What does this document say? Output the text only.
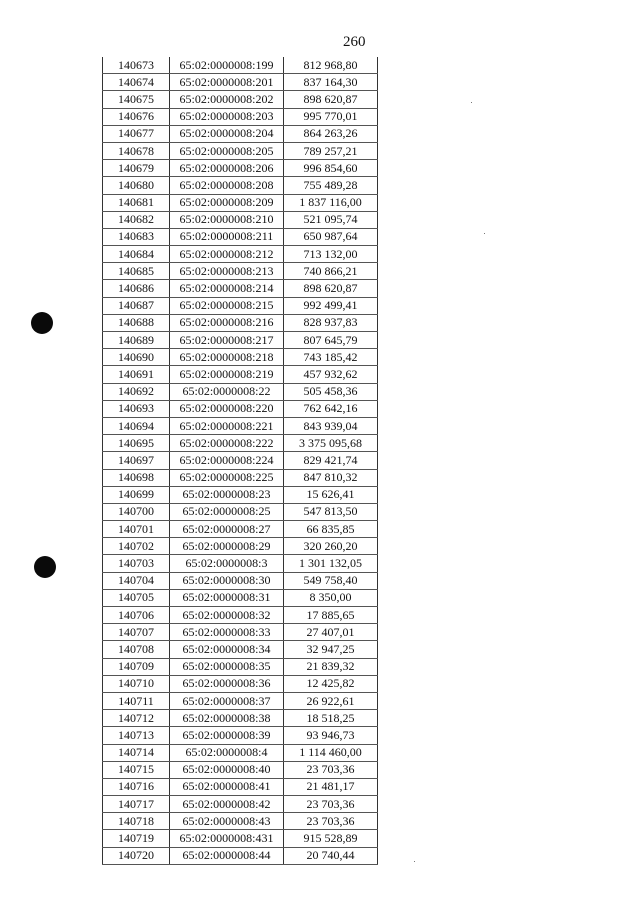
260
140673	65:02:0000008:199	812 968,80
140674	65:02:0000008:201	837 164,30
140675	65:02:0000008:202	898 620,87
140676	65:02:0000008:203	995 770,01
140677	65:02:0000008:204	864 263,26
140678	65:02:0000008:205	789 257,21
140679	65:02:0000008:206	996 854,60
140680	65:02:0000008:208	755 489,28
140681	65:02:0000008:209	1 837 116,00
140682	65:02:0000008:210	521 095,74
140683	65:02:0000008:211	650 987,64
140684	65:02:0000008:212	713 132,00
140685	65:02:0000008:213	740 866,21
140686	65:02:0000008:214	898 620,87
140687	65:02:0000008:215	992 499,41
140688	65:02:0000008:216	828 937,83
140689	65:02:0000008:217	807 645,79
140690	65:02:0000008:218	743 185,42
140691	65:02:0000008:219	457 932,62
140692	65:02:0000008:22	505 458,36
140693	65:02:0000008:220	762 642,16
140694	65:02:0000008:221	843 939,04
140695	65:02:0000008:222	3 375 095,68
140697	65:02:0000008:224	829 421,74
140698	65:02:0000008:225	847 810,32
140699	65:02:0000008:23	15 626,41
140700	65:02:0000008:25	547 813,50
140701	65:02:0000008:27	66 835,85
140702	65:02:0000008:29	320 260,20
140703	65:02:0000008:3	1 301 132,05
140704	65:02:0000008:30	549 758,40
140705	65:02:0000008:31	8 350,00
140706	65:02:0000008:32	17 885,65
140707	65:02:0000008:33	27 407,01
140708	65:02:0000008:34	32 947,25
140709	65:02:0000008:35	21 839,32
140710	65:02:0000008:36	12 425,82
140711	65:02:0000008:37	26 922,61
140712	65:02:0000008:38	18 518,25
140713	65:02:0000008:39	93 946,73
140714	65:02:0000008:4	1 114 460,00
140715	65:02:0000008:40	23 703,36
140716	65:02:0000008:41	21 481,17
140717	65:02:0000008:42	23 703,36
140718	65:02:0000008:43	23 703,36
140719	65:02:0000008:431	915 528,89
140720	65:02:0000008:44	20 740,44
